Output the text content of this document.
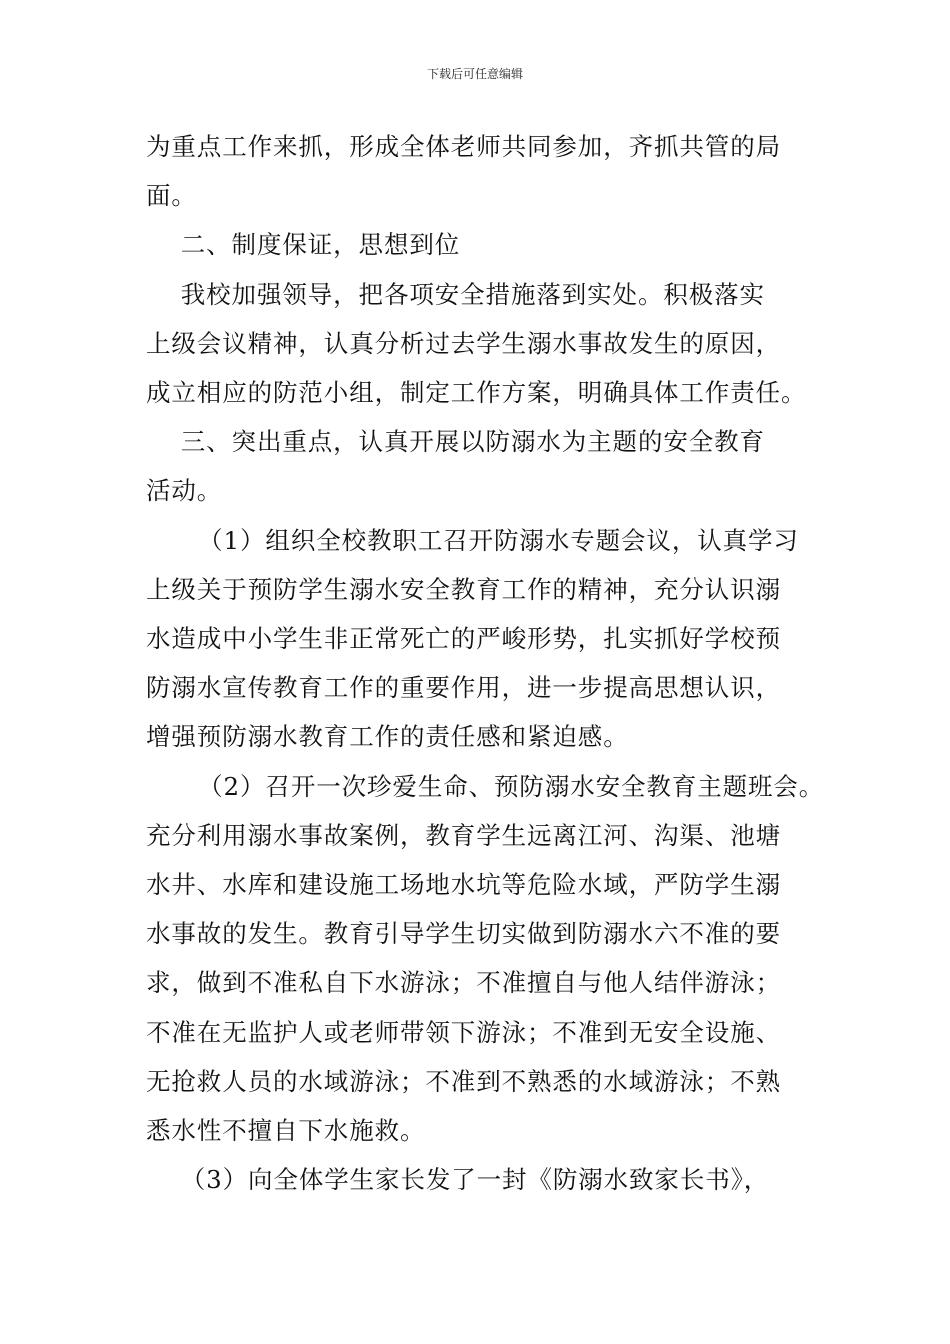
下载后可任意编辑

为重点工作来抓，形成全体老师共同参加，齐抓共管的局

面。

二、制度保证，思想到位

我校加强领导，把各项安全措施落到实处。积极落实

上级会议精神，认真分析过去学生溺水事故发生的原因，

成立相应的防范小组，制定工作方案，明确具体工作责任。

三、突出重点，认真开展以防溺水为主题的安全教育

活动。

（1）组织全校教职工召开防溺水专题会议，认真学习

上级关于预防学生溺水安全教育工作的精神，充分认识溺

水造成中小学生非正常死亡的严峻形势，扎实抓好学校预

防溺水宣传教育工作的重要作用，进一步提高思想认识，

增强预防溺水教育工作的责任感和紧迫感。

（2）召开一次珍爱生命、预防溺水安全教育主题班会。

充分利用溺水事故案例，教育学生远离江河、沟渠、池塘

水井、水库和建设施工场地水坑等危险水域，严防学生溺

水事故的发生。教育引导学生切实做到防溺水六不准的要

求，做到不准私自下水游泳；不准擅自与他人结伴游泳；

不准在无监护人或老师带领下游泳；不准到无安全设施、

无抢救人员的水域游泳；不准到不熟悉的水域游泳；不熟

悉水性不擅自下水施救。

（3）向全体学生家长发了一封《防溺水致家长书》，
